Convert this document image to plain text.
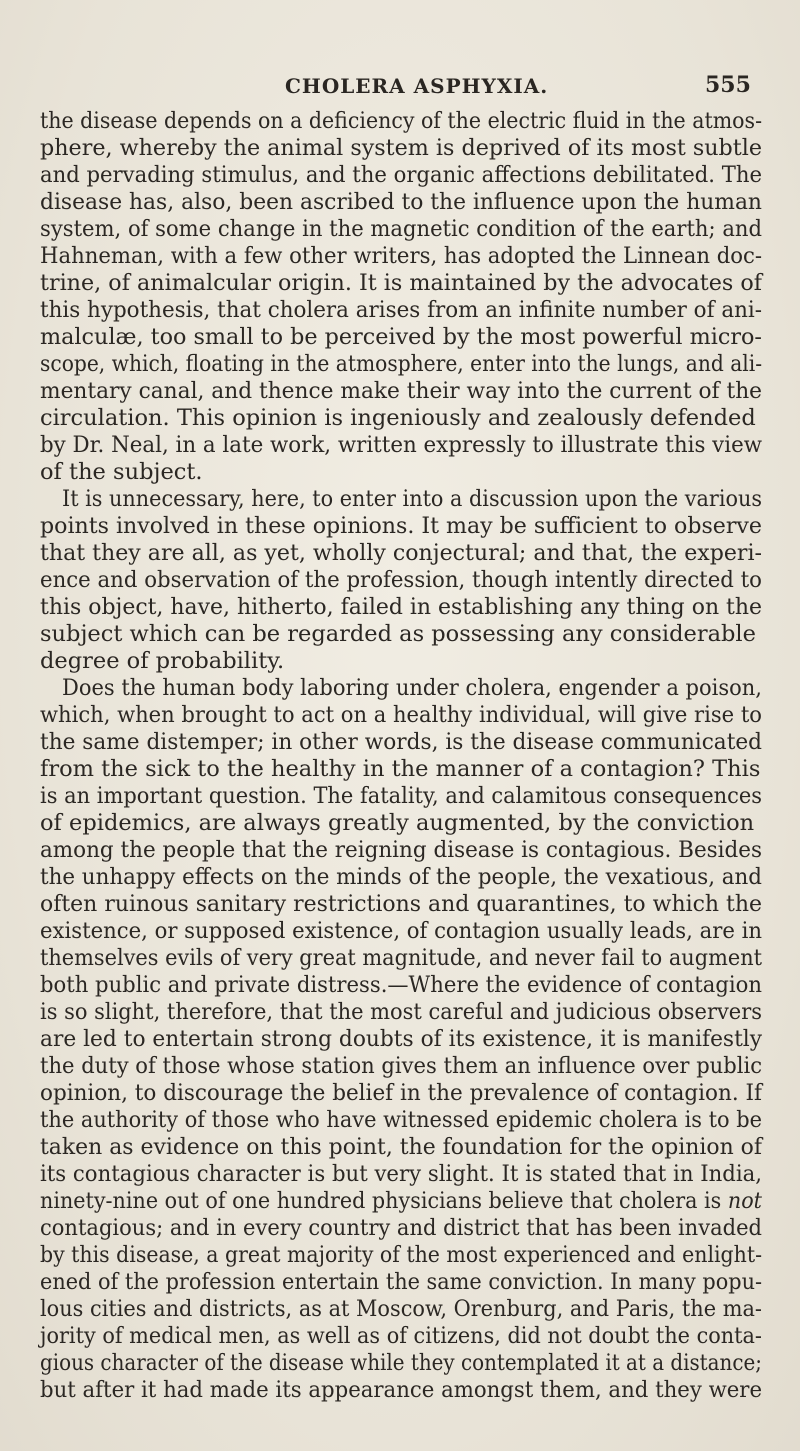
CHOLERA ASPHYXIA.	555
the disease depends on a deficiency of the electric fluid in the atmos-
phere, whereby the animal system is deprived of its most subtle
and pervading stimulus, and the organic affections debilitated. The
disease has, also, been ascribed to the influence upon the human
system, of some change in the magnetic condition of the earth; and
Hahneman, with a few other writers, has adopted the Linnean doc-
trine, of animalcular origin. It is maintained by the advocates of
this hypothesis, that cholera arises from an infinite number of ani-
malculæ, too small to be perceived by the most powerful micro-
scope, which, floating in the atmosphere, enter into the lungs, and ali-
mentary canal, and thence make their way into the current of the
circulation. This opinion is ingeniously and zealously defended
by Dr. Neal, in a late work, written expressly to illustrate this view
of the subject.
It is unnecessary, here, to enter into a discussion upon the various
points involved in these opinions. It may be sufficient to observe
that they are all, as yet, wholly conjectural; and that, the experi-
ence and observation of the profession, though intently directed to
this object, have, hitherto, failed in establishing any thing on the
subject which can be regarded as possessing any considerable
degree of probability.
Does the human body laboring under cholera, engender a poison,
which, when brought to act on a healthy individual, will give rise to
the same distemper; in other words, is the disease communicated
from the sick to the healthy in the manner of a contagion? This
is an important question. The fatality, and calamitous consequences
of epidemics, are always greatly augmented, by the conviction
among the people that the reigning disease is contagious. Besides
the unhappy effects on the minds of the people, the vexatious, and
often ruinous sanitary restrictions and quarantines, to which the
existence, or supposed existence, of contagion usually leads, are in
themselves evils of very great magnitude, and never fail to augment
both public and private distress.—Where the evidence of contagion
is so slight, therefore, that the most careful and judicious observers
are led to entertain strong doubts of its existence, it is manifestly
the duty of those whose station gives them an influence over public
opinion, to discourage the belief in the prevalence of contagion. If
the authority of those who have witnessed epidemic cholera is to be
taken as evidence on this point, the foundation for the opinion of
its contagious character is but very slight. It is stated that in India,
ninety-nine out of one hundred physicians believe that cholera is not
contagious; and in every country and district that has been invaded
by this disease, a great majority of the most experienced and enlight-
ened of the profession entertain the same conviction. In many popu-
lous cities and districts, as at Moscow, Orenburg, and Paris, the ma-
jority of medical men, as well as of citizens, did not doubt the conta-
gious character of the disease while they contemplated it at a distance;
but after it had made its appearance amongst them, and they were
